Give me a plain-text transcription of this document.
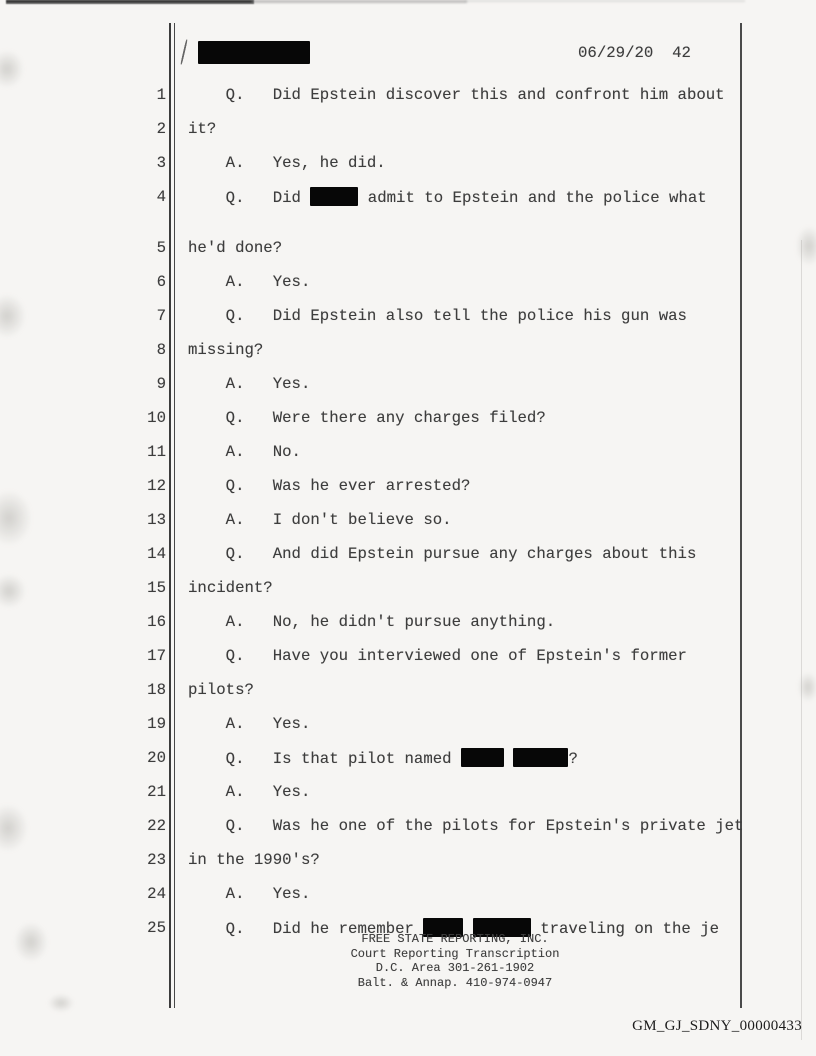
06/29/20  42
1 Q.   Did Epstein discover this and confront him about
2 it?
3 A.   Yes, he did.
4 Q.   Did	admit to Epstein and the police what
5 he'd done?
6 A.   Yes.
7 Q.   Did Epstein also tell the police his gun was
8 missing?
9 A.   Yes.
10 Q.   Were there any charges filed?
11 A.   No.
12 Q.   Was he ever arrested?
13 A.   I don't believe so.
14 Q.   And did Epstein pursue any charges about this
15 incident?
16 A.   No, he didn't pursue anything.
17 Q.   Have you interviewed one of Epstein's former
18 pilots?
19 A.   Yes.
20 Q.   Is that pilot named	?
21 A.   Yes.
22 Q.   Was he one of the pilots for Epstein's private jet
23 in the 1990's?
24 A.   Yes.
25 Q.   Did he remember	traveling on the je
FREE STATE REPORTING, INC.
Court Reporting Transcription
D.C. Area 301-261-1902
Balt. & Annap. 410-974-0947
GM_GJ_SDNY_00000433
